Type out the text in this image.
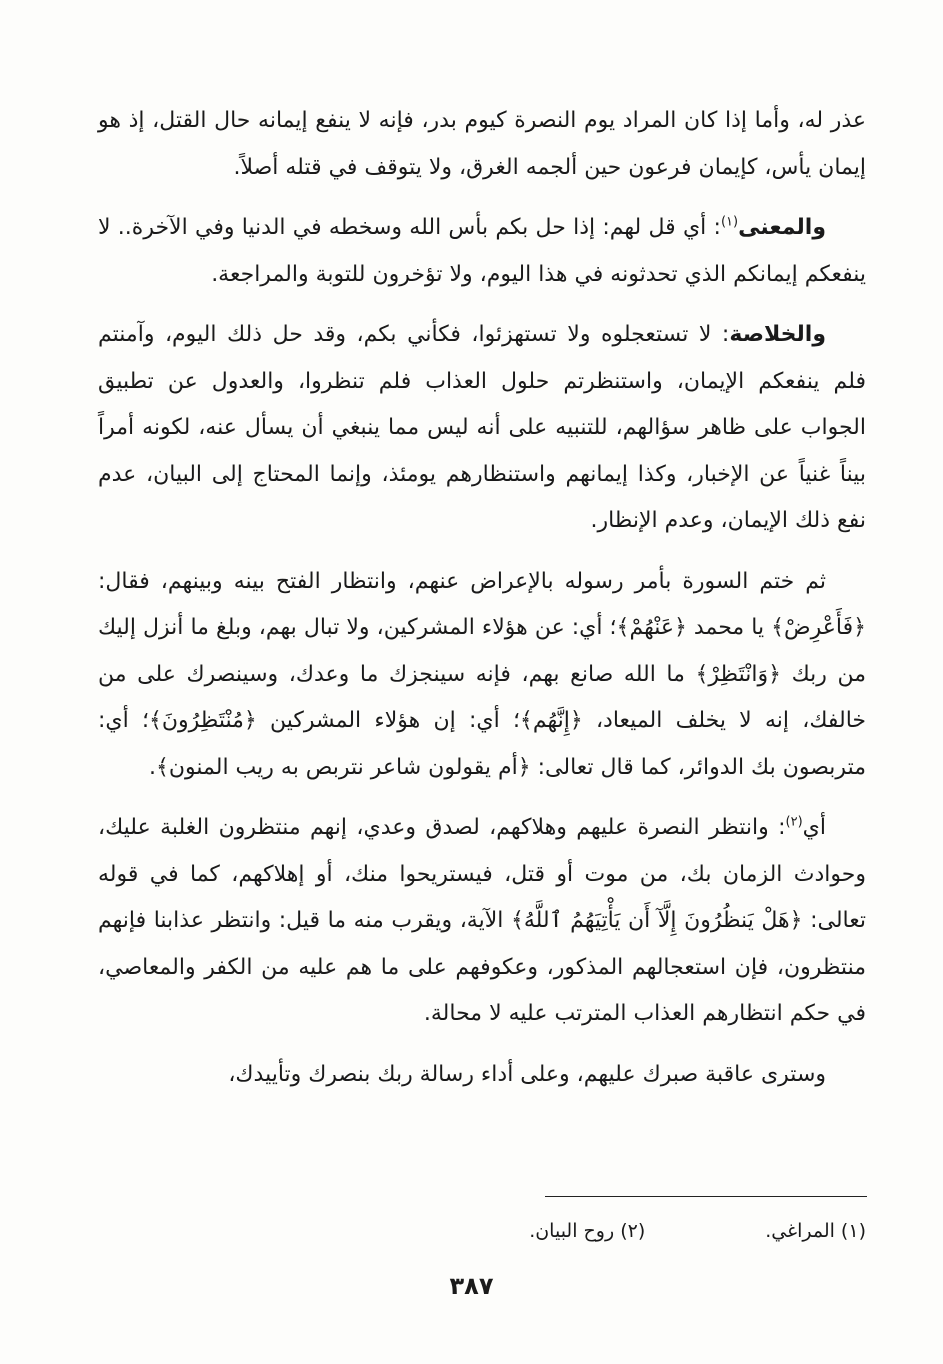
عذر له، وأما إذا كان المراد يوم النصرة كيوم بدر، فإنه لا ينفع إيمانه حال القتل، إذ هو إيمان يأس، كإيمان فرعون حين ألجمه الغرق، ولا يتوقف في قتله أصلاً.

والمعنى$^{(١)}$: أي قل لهم: إذا حل بكم بأس الله وسخطه في الدنيا وفي الآخرة.. لا ينفعكم إيمانكم الذي تحدثونه في هذا اليوم، ولا تؤخرون للتوبة والمراجعة.

والخلاصة: لا تستعجلوه ولا تستهزئوا، فكأني بكم، وقد حل ذلك اليوم، وآمنتم فلم ينفعكم الإيمان، واستنظرتم حلول العذاب فلم تنظروا، والعدول عن تطبيق الجواب على ظاهر سؤالهم، للتنبيه على أنه ليس مما ينبغي أن يسأل عنه، لكونه أمراً بيناً غنياً عن الإخبار، وكذا إيمانهم واستنظارهم يومئذ، وإنما المحتاج إلى البيان، عدم نفع ذلك الإيمان، وعدم الإنظار.

ثم ختم السورة بأمر رسوله بالإعراض عنهم، وانتظار الفتح بينه وبينهم، فقال: ﴿فَأَعْرِضْ﴾ يا محمد ﴿عَنْهُمْ﴾؛ أي: عن هؤلاء المشركين، ولا تبال بهم، وبلغ ما أنزل إليك من ربك ﴿وَانْتَظِرْ﴾ ما الله صانع بهم، فإنه سينجزك ما وعدك، وسينصرك على من خالفك، إنه لا يخلف الميعاد، ﴿إِنَّهُم﴾؛ أي: إن هؤلاء المشركين ﴿مُنْتَظِرُونَ﴾؛ أي: متربصون بك الدوائر، كما قال تعالى: ﴿أم يقولون شاعر نتربص به ريب المنون﴾.

أي$^{(٢)}$: وانتظر النصرة عليهم وهلاكهم، لصدق وعدي، إنهم منتظرون الغلبة عليك، وحوادث الزمان بك، من موت أو قتل، فيستريحوا منك، أو إهلاكهم، كما في قوله تعالى: ﴿هَلْ يَنظُرُونَ إِلَّآ أَن يَأْتِيَهُمُ ٱللَّهُ﴾ الآية، ويقرب منه ما قيل: وانتظر عذابنا فإنهم منتظرون، فإن استعجالهم المذكور، وعكوفهم على ما هم عليه من الكفر والمعاصي، في حكم انتظارهم العذاب المترتب عليه لا محالة.

وسترى عاقبة صبرك عليهم، وعلى أداء رسالة ربك بنصرك وتأييدك،

(١) المراغي.
(٢) روح البيان.
٣٨٧
